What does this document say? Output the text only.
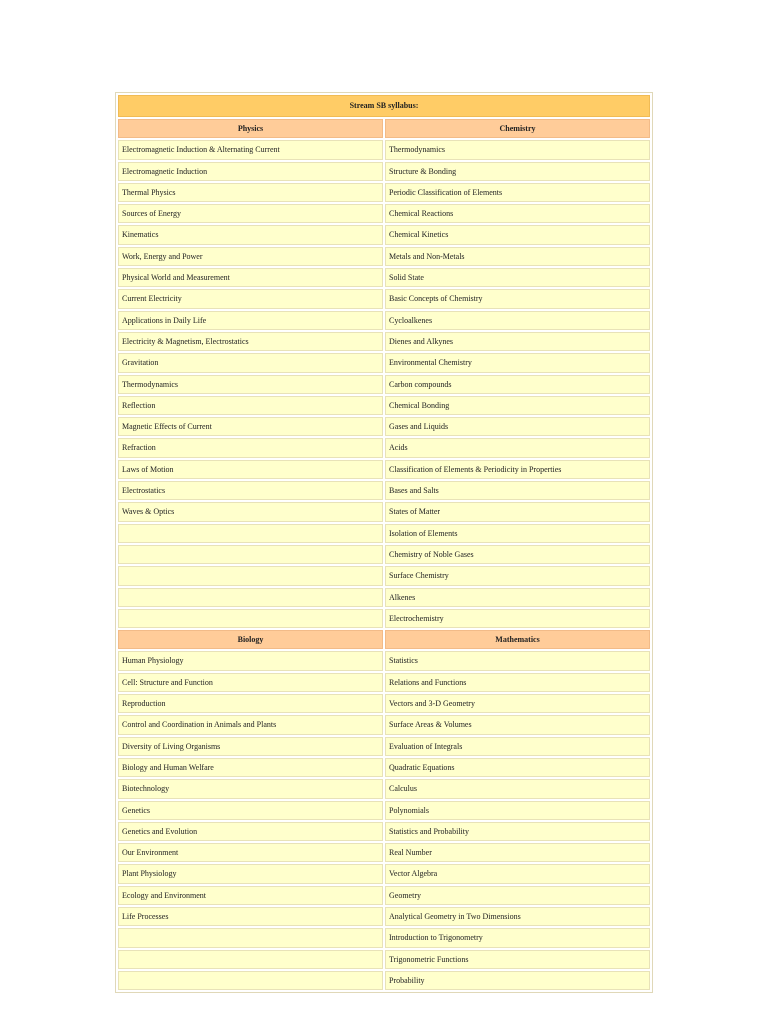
Stream SB syllabus:	
Physics	Chemistry
Electromagnetic Induction & Alternating Current	Thermodynamics
Electromagnetic Induction	Structure & Bonding
Thermal Physics	Periodic Classification of Elements
Sources of Energy	Chemical Reactions
Kinematics	Chemical Kinetics
Work, Energy and Power	Metals and Non-Metals
Physical World and Measurement	Solid State
Current Electricity	Basic Concepts of Chemistry
Applications in Daily Life	Cycloalkenes
Electricity & Magnetism, Electrostatics	Dienes and Alkynes
Gravitation	Environmental Chemistry
Thermodynamics	Carbon compounds
Reflection	Chemical Bonding
Magnetic Effects of Current	Gases and Liquids
Refraction	Acids
Laws of Motion	Classification of Elements & Periodicity in Properties
Electrostatics	Bases and Salts
Waves & Optics	States of Matter
	Isolation of Elements
	Chemistry of Noble Gases
	Surface Chemistry
	Alkenes
	Electrochemistry
Biology	Mathematics
Human Physiology	Statistics
Cell: Structure and Function	Relations and Functions
Reproduction	Vectors and 3-D Geometry
Control and Coordination in Animals and Plants	Surface Areas & Volumes
Diversity of Living Organisms	Evaluation of Integrals
Biology and Human Welfare	Quadratic Equations
Biotechnology	Calculus
Genetics	Polynomials
Genetics and Evolution	Statistics and Probability
Our Environment	Real Number
Plant Physiology	Vector Algebra
Ecology and Environment	Geometry
Life Processes	Analytical Geometry in Two Dimensions
	Introduction to Trigonometry
	Trigonometric Functions
	Probability
